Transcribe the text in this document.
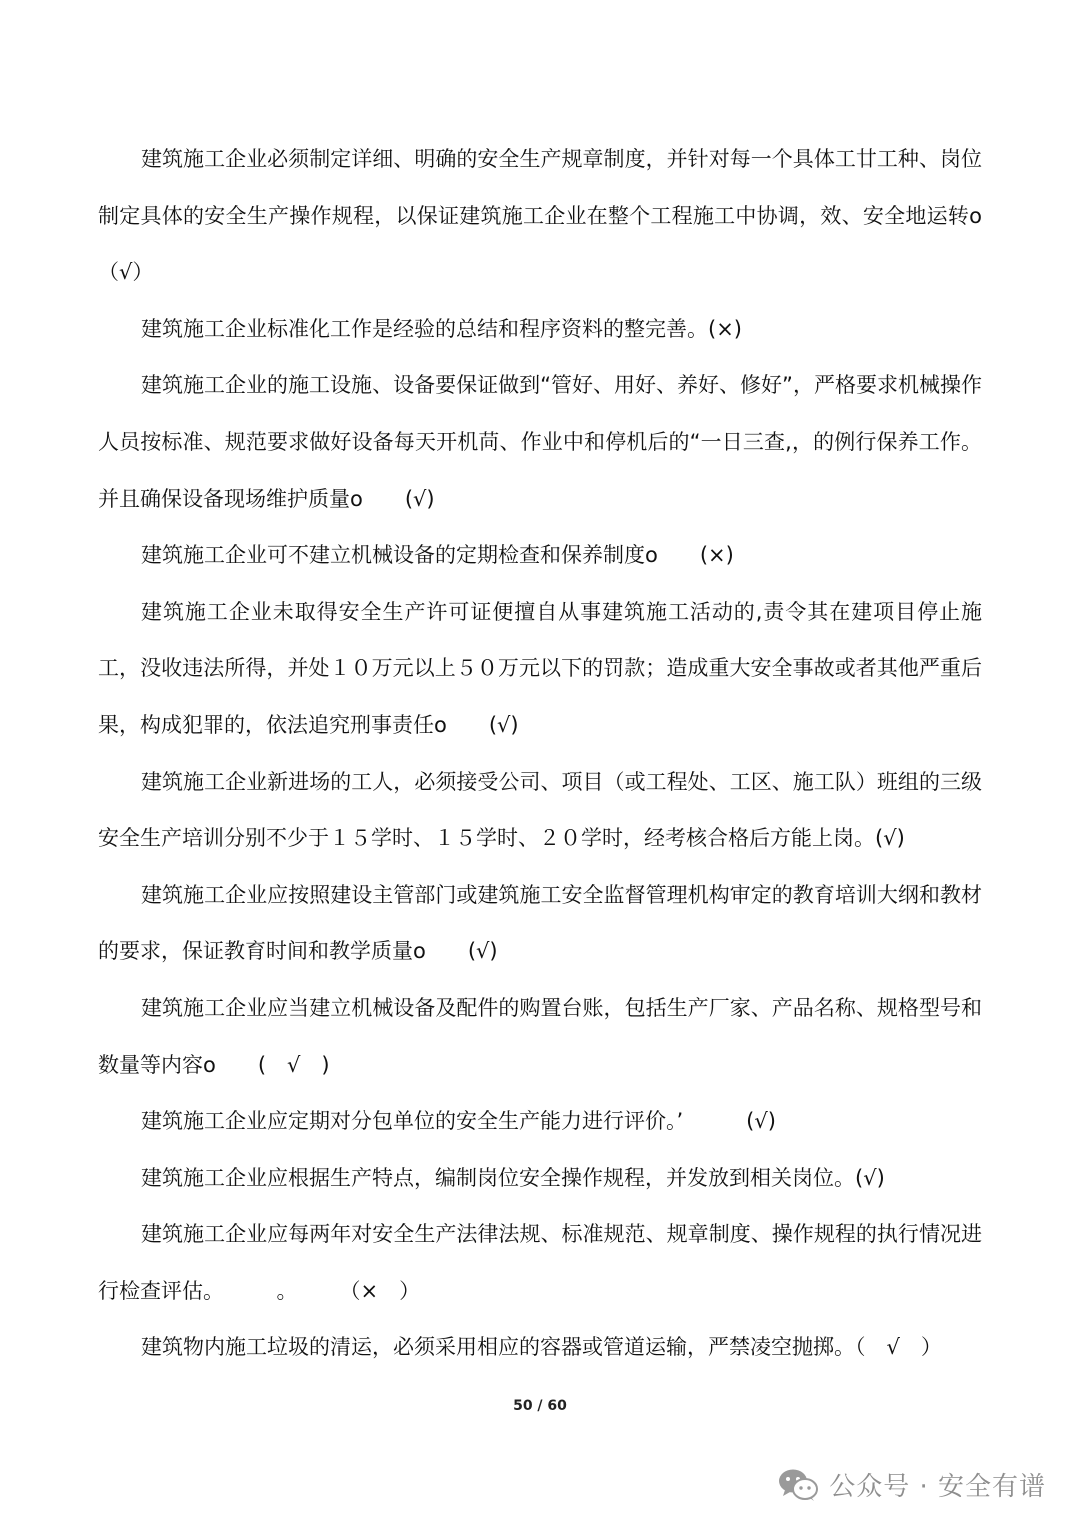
建筑施工企业必须制定详细、明确的安全生产规章制度，并针对每一个具体工廿工种、岗位制定具体的安全生产操作规程，以保证建筑施工企业在整个工程施工中协调，效、安全地运转o　（√）

建筑施工企业标准化工作是经验的总结和程序资料的整完善。(×)

建筑施工企业的施工设施、设备要保证做到“管好、用好、养好、修好”，严格要求机械操作人员按标准、规范要求做好设备每天开机苘、作业中和停机后的“一日三查,，的例行保养工作。并且确保设备现场维护质量o　　(√)

建筑施工企业可不建立机械设备的定期检查和保养制度o　　(×)

建筑施工企业未取得安全生产许可证便擅自从事建筑施工活动的,责令其在建项目停止施工，没收违法所得，并处１０万元以上５０万元以下的罚款；造成重大安全事故或者其他严重后果，构成犯罪的，依法追究刑事责任o　　(√)

建筑施工企业新进场的工人，必须接受公司、项目（或工程处、工区、施工队）班组的三级安全生产培训分别不少于１５学时、１５学时、２０学时，经考核合格后方能上岗。(√)

建筑施工企业应按照建设主管部门或建筑施工安全监督管理机构审定的教育培训大纲和教材的要求，保证教育时间和教学质量o　　(√)

建筑施工企业应当建立机械设备及配件的购置台账，包括生产厂家、产品名称、规格型号和数量等内容o　　(　√　)

建筑施工企业应定期对分包单位的安全生产能力进行评价。’　　　(√)

建筑施工企业应根据生产特点，编制岗位安全操作规程，并发放到相关岗位。(√)

建筑施工企业应每两年对安全生产法律法规、标准规范、规章制度、操作规程的执行情况进行检查评估。　　　。　　　（×　）

建筑物内施工垃圾的清运，必须采用相应的容器或管道运输，严禁凌空抛掷。（　√　）

50 / 60
公众号 · 安全有谱
